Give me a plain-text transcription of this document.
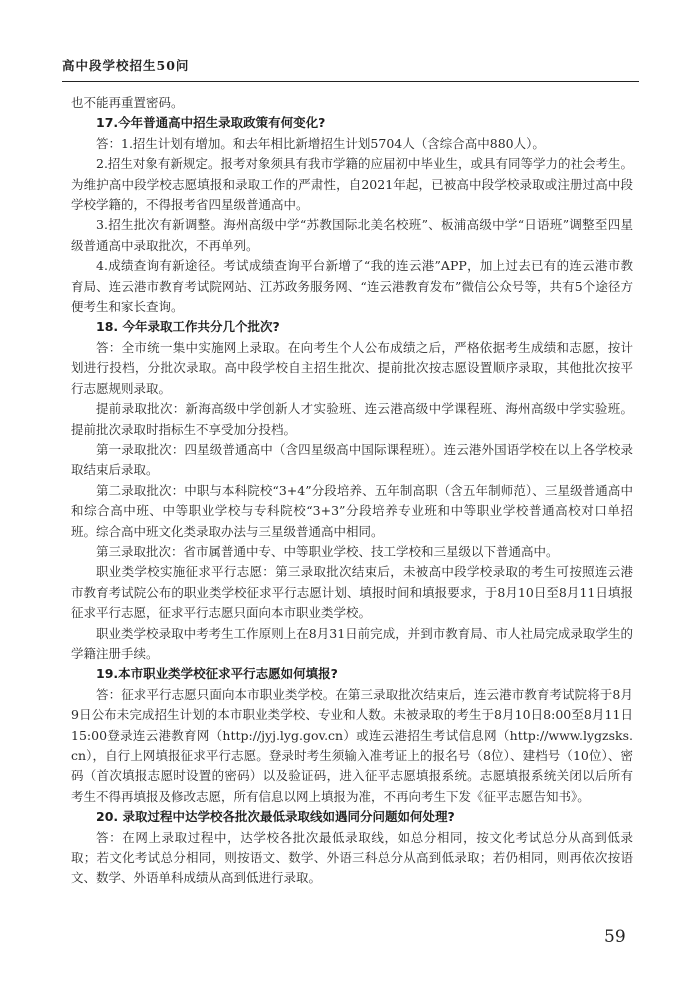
高中段学校招生50问

也不能再重置密码。

17.今年普通高中招生录取政策有何变化?

答：1.招生计划有增加。和去年相比新增招生计划5704人（含综合高中880人）。

2.招生对象有新规定。报考对象须具有我市学籍的应届初中毕业生，或具有同等学力的社会考生。为维护高中段学校志愿填报和录取工作的严肃性，自2021年起，已被高中段学校录取或注册过高中段学校学籍的，不得报考省四星级普通高中。

3.招生批次有新调整。海州高级中学“苏教国际北美名校班”、板浦高级中学“日语班”调整至四星级普通高中录取批次，不再单列。

4.成绩查询有新途径。考试成绩查询平台新增了“我的连云港”APP，加上过去已有的连云港市教育局、连云港市教育考试院网站、江苏政务服务网、“连云港教育发布”微信公众号等，共有5个途径方便考生和家长查询。

18. 今年录取工作共分几个批次?

答：全市统一集中实施网上录取。在向考生个人公布成绩之后，严格依据考生成绩和志愿，按计划进行投档，分批次录取。高中段学校自主招生批次、提前批次按志愿设置顺序录取，其他批次按平行志愿规则录取。

提前录取批次：新海高级中学创新人才实验班、连云港高级中学课程班、海州高级中学实验班。提前批次录取时指标生不享受加分投档。

第一录取批次：四星级普通高中（含四星级高中国际课程班）。连云港外国语学校在以上各学校录取结束后录取。

第二录取批次：中职与本科院校“3+4”分段培养、五年制高职（含五年制师范）、三星级普通高中和综合高中班、中等职业学校与专科院校“3+3”分段培养专业班和中等职业学校普通高校对口单招班。综合高中班文化类录取办法与三星级普通高中相同。

第三录取批次：省市属普通中专、中等职业学校、技工学校和三星级以下普通高中。

职业类学校实施征求平行志愿：第三录取批次结束后，未被高中段学校录取的考生可按照连云港市教育考试院公布的职业类学校征求平行志愿计划、填报时间和填报要求，于8月10日至8月11日填报征求平行志愿，征求平行志愿只面向本市职业类学校。

职业类学校录取中考考生工作原则上在8月31日前完成，并到市教育局、市人社局完成录取学生的学籍注册手续。

19.本市职业类学校征求平行志愿如何填报?

答：征求平行志愿只面向本市职业类学校。在第三录取批次结束后，连云港市教育考试院将于8月9日公布未完成招生计划的本市职业类学校、专业和人数。未被录取的考生于8月10日8:00至8月11日15:00登录连云港教育网（http://jyj.lyg.gov.cn）或连云港招生考试信息网（http://www.lygzsks.cn），自行上网填报征求平行志愿。登录时考生须输入准考证上的报名号（8位）、建档号（10位）、密码（首次填报志愿时设置的密码）以及验证码，进入征平志愿填报系统。志愿填报系统关闭以后所有考生不得再填报及修改志愿，所有信息以网上填报为准，不再向考生下发《征平志愿告知书》。

20. 录取过程中达学校各批次最低录取线如遇同分问题如何处理?

答：在网上录取过程中，达学校各批次最低录取线，如总分相同，按文化考试总分从高到低录取；若文化考试总分相同，则按语文、数学、外语三科总分从高到低录取；若仍相同，则再依次按语文、数学、外语单科成绩从高到低进行录取。

59
